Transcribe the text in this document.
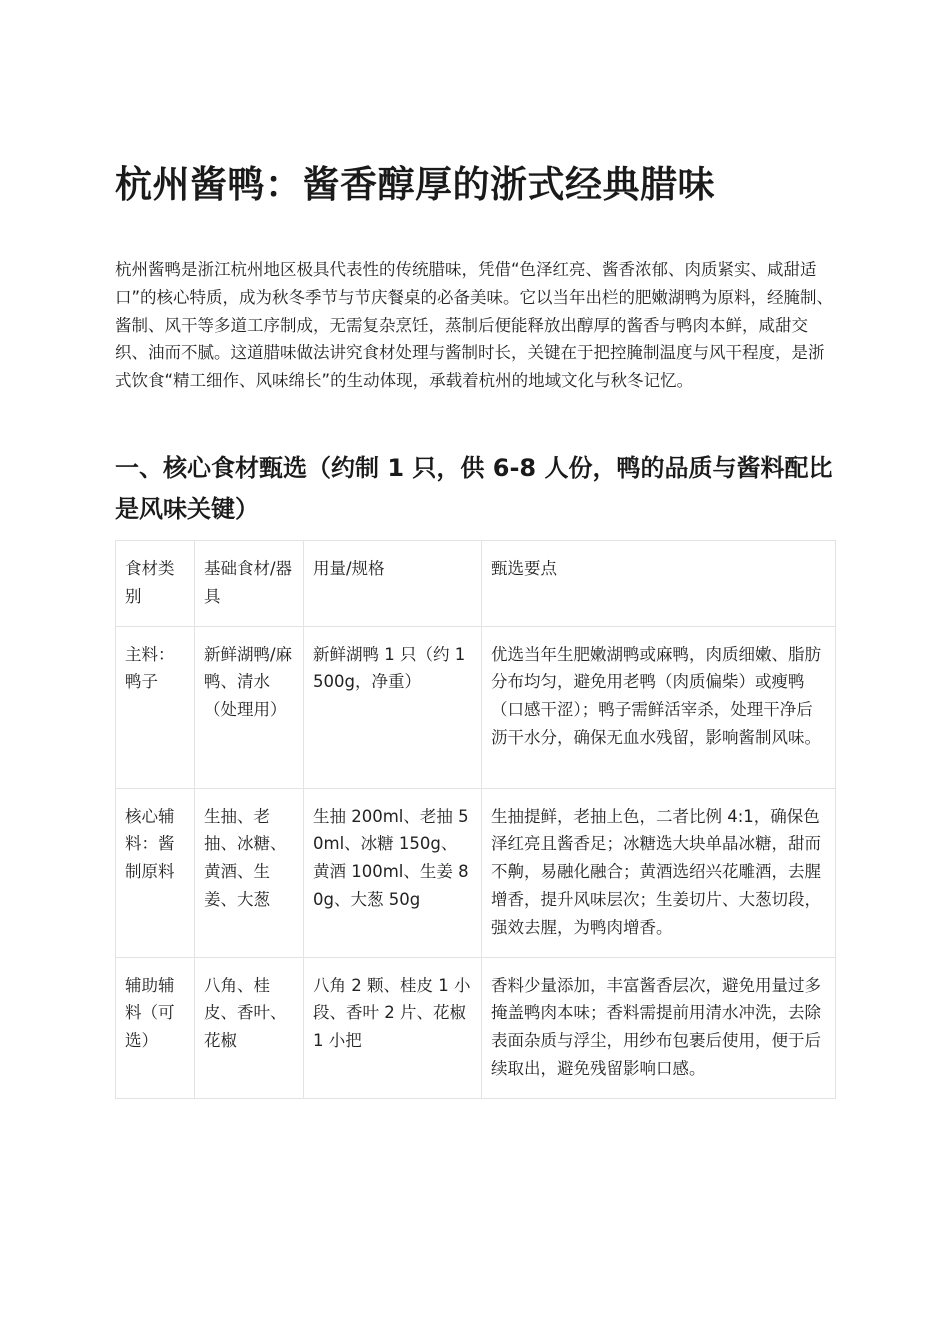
杭州酱鸭：酱香醇厚的浙式经典腊味

杭州酱鸭是浙江杭州地区极具代表性的传统腊味，凭借“色泽红亮、酱香浓郁、肉质紧实、咸甜适口”的核心特质，成为秋冬季节与节庆餐桌的必备美味。它以当年出栏的肥嫩湖鸭为原料，经腌制、酱制、风干等多道工序制成，无需复杂烹饪，蒸制后便能释放出醇厚的酱香与鸭肉本鲜，咸甜交织、油而不腻。这道腊味做法讲究食材处理与酱制时长，关键在于把控腌制温度与风干程度，是浙式饮食“精工细作、风味绵长”的生动体现，承载着杭州的地域文化与秋冬记忆。

一、核心食材甄选（约制 1 只，供 6-8 人份，鸭的品质与酱料配比是风味关键）
食材类别	基础食材/器具	用量/规格	甄选要点
主料：鸭子	新鲜湖鸭/麻鸭、清水（处理用）	新鲜湖鸭 1 只（约 1500g，净重）	优选当年生肥嫩湖鸭或麻鸭，肉质细嫩、脂肪分布均匀，避免用老鸭（肉质偏柴）或瘦鸭（口感干涩）；鸭子需鲜活宰杀，处理干净后沥干水分，确保无血水残留，影响酱制风味。
核心辅料：酱制原料	生抽、老抽、冰糖、黄酒、生姜、大葱	生抽 200ml、老抽 50ml、冰糖 150g、黄酒 100ml、生姜 80g、大葱 50g	生抽提鲜，老抽上色，二者比例 4:1，确保色泽红亮且酱香足；冰糖选大块单晶冰糖，甜而不齁，易融化融合；黄酒选绍兴花雕酒，去腥增香，提升风味层次；生姜切片、大葱切段，强效去腥，为鸭肉增香。
辅助辅料（可选）	八角、桂皮、香叶、花椒	八角 2 颗、桂皮 1 小段、香叶 2 片、花椒 1 小把	香料少量添加，丰富酱香层次，避免用量过多掩盖鸭肉本味；香料需提前用清水冲洗，去除表面杂质与浮尘，用纱布包裹后使用，便于后续取出，避免残留影响口感。
